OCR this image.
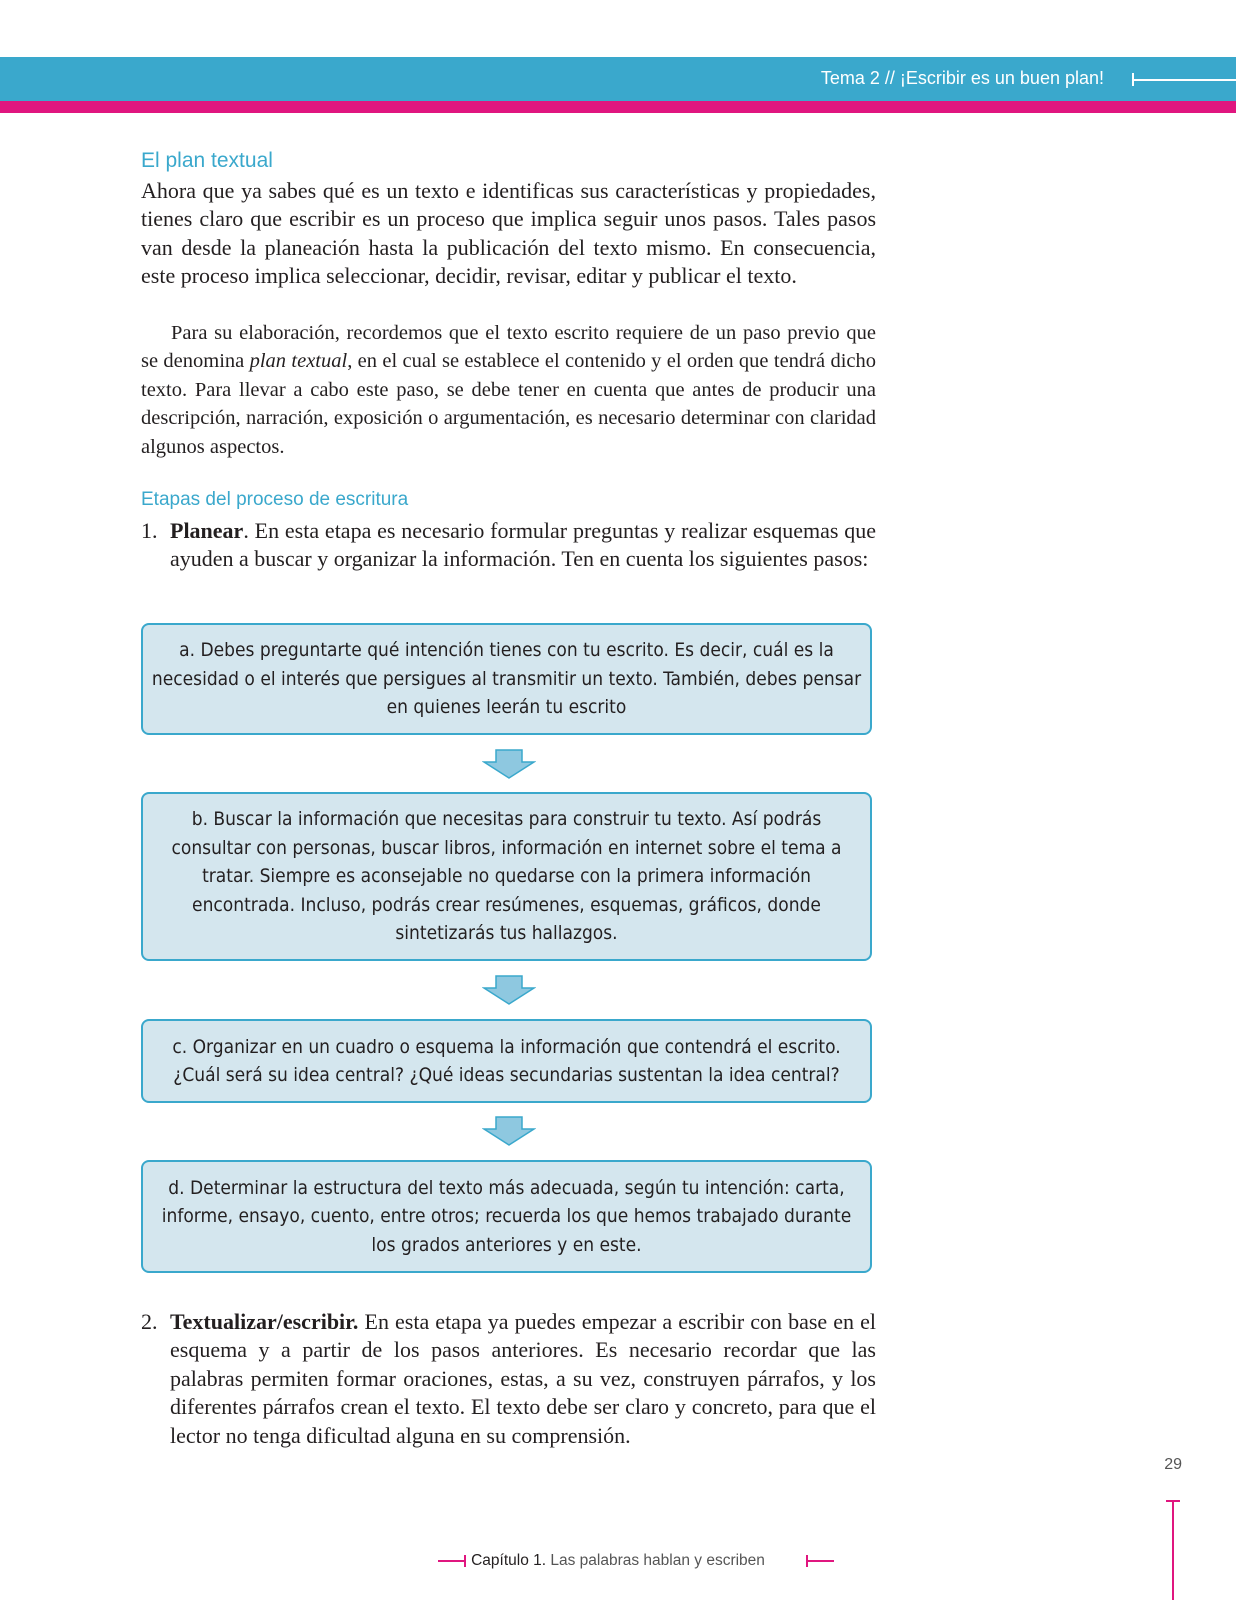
Tema 2 // ¡Escribir es un buen plan!
El plan textual
Ahora que ya sabes qué es un texto e identificas sus características y propiedades, tienes claro que escribir es un proceso que implica seguir unos pasos. Tales pasos van desde la planeación hasta la publicación del texto mismo. En consecuencia, este proceso implica seleccionar, decidir, revisar, editar y publicar el texto.
Para su elaboración, recordemos que el texto escrito requiere de un paso previo que se denomina plan textual, en el cual se establece el contenido y el orden que tendrá dicho texto. Para llevar a cabo este paso, se debe tener en cuenta que antes de producir una descripción, narración, exposición o argumentación, es necesario determinar con claridad algunos aspectos.
Etapas del proceso de escritura
1. Planear. En esta etapa es necesario formular preguntas y realizar esquemas que ayuden a buscar y organizar la información. Ten en cuenta los siguientes pasos:
a. Debes preguntarte qué intención tienes con tu escrito. Es decir, cuál es la necesidad o el interés que persigues al transmitir un texto. También, debes pensar en quienes leerán tu escrito
b. Buscar la información que necesitas para construir tu texto. Así podrás consultar con personas, buscar libros, información en internet sobre el tema a tratar. Siempre es aconsejable no quedarse con la primera información encontrada. Incluso, podrás crear resúmenes, esquemas, gráficos, donde sintetizarás tus hallazgos.
c. Organizar en un cuadro o esquema la información que contendrá el escrito. ¿Cuál será su idea central? ¿Qué ideas secundarias sustentan la idea central?
d. Determinar la estructura del texto más adecuada, según tu intención: carta, informe, ensayo, cuento, entre otros; recuerda los que hemos trabajado durante los grados anteriores y en este.
2. Textualizar/escribir. En esta etapa ya puedes empezar a escribir con base en el esquema y a partir de los pasos anteriores. Es necesario recordar que las palabras permiten formar oraciones, estas, a su vez, construyen párrafos, y los diferentes párrafos crean el texto. El texto debe ser claro y concreto, para que el lector no tenga dificultad alguna en su comprensión.
29
Capítulo 1. Las palabras hablan y escriben
